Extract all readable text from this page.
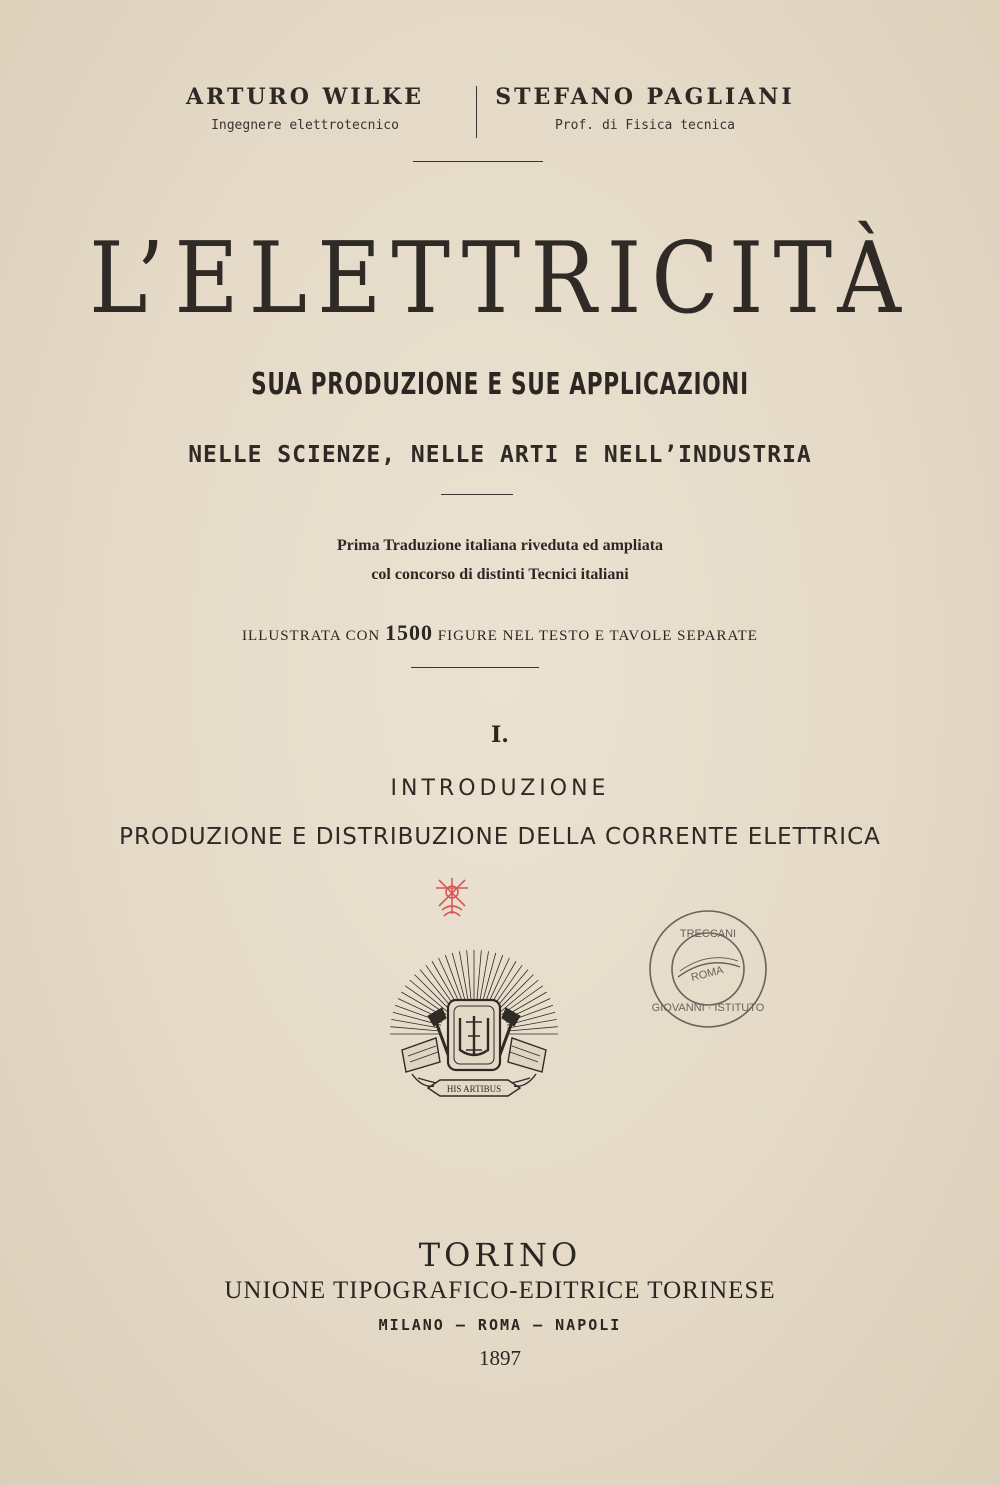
ARTURO WILKE
Ingegnere elettrotecnico
STEFANO PAGLIANI
Prof. di Fisica tecnica
L’ELETTRICITÀ
SUA PRODUZIONE E SUE APPLICAZIONI
NELLE SCIENZE, NELLE ARTI E NELL’INDUSTRIA
Prima Traduzione italiana riveduta ed ampliata
col concorso di distinti Tecnici italiani
ILLUSTRATA CON 1500 FIGURE NEL TESTO E TAVOLE SEPARATE
I.
INTRODUZIONE
PRODUZIONE E DISTRIBUZIONE DELLA CORRENTE ELETTRICA
HIS ARTIBUS
TRECCANI
ROMA
GIOVANNI · ISTITUTO
TORINO
UNIONE TIPOGRAFICO-EDITRICE TORINESE
MILANO — ROMA — NAPOLI
1897
